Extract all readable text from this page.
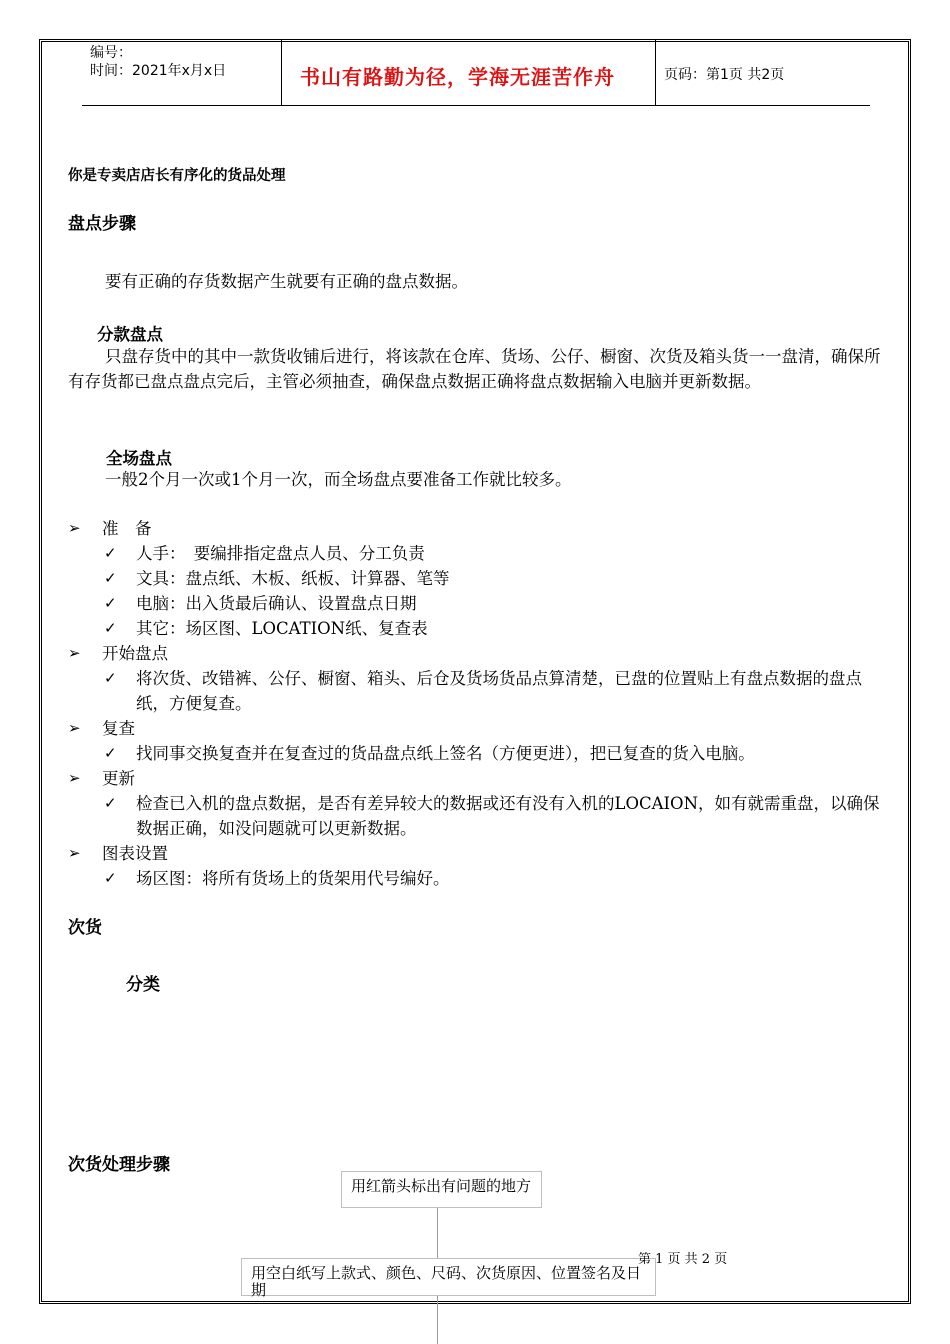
编号：
时间：2021年x月x日	书山有路勤为径，学海无涯苦作舟	页码：第1页 共2页
你是专卖店店长有序化的货品处理
盘点步骤
要有正确的存货数据产生就要有正确的盘点数据。
分款盘点
只盘存货中的其中一款货收铺后进行，将该款在仓库、货场、公仔、橱窗、次货及箱头货一一盘清，确保所有存货都已盘点盘点完后，主管必须抽查，确保盘点数据正确将盘点数据输入电脑并更新数据。
全场盘点
一般2个月一次或1个月一次，而全场盘点要准备工作就比较多。
➢ 准　备
✓ 人手：　要编排指定盘点人员、分工负责
✓ 文具：盘点纸、木板、纸板、计算器、笔等
✓ 电脑：出入货最后确认、设置盘点日期
✓ 其它：场区图、LOCATION纸、复查表
➢ 开始盘点
✓ 将次货、改错裤、公仔、橱窗、箱头、后仓及货场货品点算清楚，已盘的位置贴上有盘点数据的盘点纸，方便复查。
➢ 复查
✓ 找同事交换复查并在复查过的货品盘点纸上签名（方便更进），把已复查的货入电脑。
➢ 更新
✓ 检查已入机的盘点数据，是否有差异较大的数据或还有没有入机的LOCAION，如有就需重盘，以确保数据正确，如没问题就可以更新数据。
➢ 图表设置
✓ 场区图：将所有货场上的货架用代号编好。
次货
分类
次货处理步骤
用红箭头标出有问题的地方
用空白纸写上款式、颜色、尺码、次货原因、位置签名及日期
第 1 页 共 2 页
